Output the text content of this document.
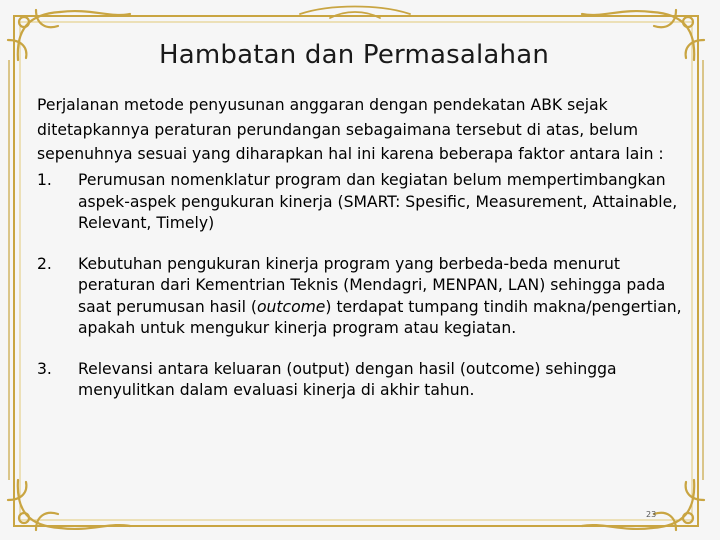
Hambatan dan Permasalahan

Perjalanan metode penyusunan anggaran dengan pendekatan ABK sejak ditetapkannya peraturan perundangan sebagaimana tersebut di atas, belum sepenuhnya sesuai yang diharapkan hal ini karena beberapa faktor antara lain :

1.	Perumusan nomenklatur program dan kegiatan belum mempertimbangkan aspek-aspek pengukuran kinerja (SMART: Spesific, Measurement, Attainable, Relevant, Timely)
2.	Kebutuhan pengukuran kinerja program yang berbeda-beda menurut peraturan dari Kementrian Teknis (Mendagri, MENPAN, LAN) sehingga pada saat perumusan hasil (outcome) terdapat tumpang tindih makna/pengertian, apakah untuk mengukur kinerja program atau kegiatan.
3.	Relevansi antara keluaran (output) dengan hasil (outcome) sehingga menyulitkan dalam evaluasi kinerja di akhir tahun.
23
